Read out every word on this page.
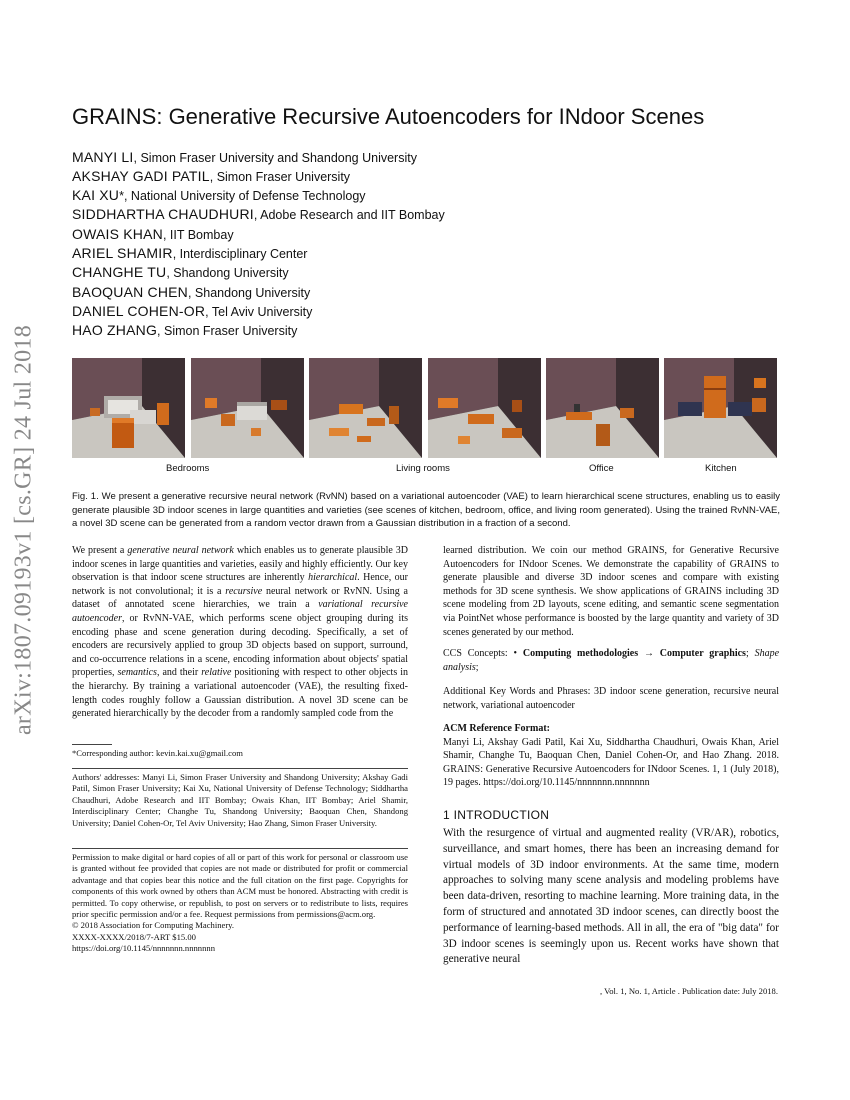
arXiv:1807.09193v1 [cs.GR] 24 Jul 2018
GRAINS: Generative Recursive Autoencoders for INdoor Scenes
MANYI LI, Simon Fraser University and Shandong University
AKSHAY GADI PATIL, Simon Fraser University
KAI XU*, National University of Defense Technology
SIDDHARTHA CHAUDHURI, Adobe Research and IIT Bombay
OWAIS KHAN, IIT Bombay
ARIEL SHAMIR, Interdisciplinary Center
CHANGHE TU, Shandong University
BAOQUAN CHEN, Shandong University
DANIEL COHEN-OR, Tel Aviv University
HAO ZHANG, Simon Fraser University
Bedrooms	Living rooms	Office	Kitchen
Fig. 1. We present a generative recursive neural network (RvNN) based on a variational autoencoder (VAE) to learn hierarchical scene structures, enabling us to easily generate plausible 3D indoor scenes in large quantities and varieties (see scenes of kitchen, bedroom, office, and living room generated). Using the trained RvNN-VAE, a novel 3D scene can be generated from a random vector drawn from a Gaussian distribution in a fraction of a second.
We present a generative neural network which enables us to generate plausible 3D indoor scenes in large quantities and varieties, easily and highly efficiently. Our key observation is that indoor scene structures are inherently hierarchical. Hence, our network is not convolutional; it is a recursive neural network or RvNN. Using a dataset of annotated scene hierarchies, we train a variational recursive autoencoder, or RvNN-VAE, which performs scene object grouping during its encoding phase and scene generation during decoding. Specifically, a set of encoders are recursively applied to group 3D objects based on support, surround, and co-occurrence relations in a scene, encoding information about objects' spatial properties, semantics, and their relative positioning with respect to other objects in the hierarchy. By training a variational autoencoder (VAE), the resulting fixed-length codes roughly follow a Gaussian distribution. A novel 3D scene can be generated hierarchically by the decoder from a randomly sampled code from the
*Corresponding author: kevin.kai.xu@gmail.com
Authors' addresses: Manyi Li, Simon Fraser University and Shandong University; Akshay Gadi Patil, Simon Fraser University; Kai Xu, National University of Defense Technology; Siddhartha Chaudhuri, Adobe Research and IIT Bombay; Owais Khan, IIT Bombay; Ariel Shamir, Interdisciplinary Center; Changhe Tu, Shandong University; Baoquan Chen, Shandong University; Daniel Cohen-Or, Tel Aviv University; Hao Zhang, Simon Fraser University.

Permission to make digital or hard copies of all or part of this work for personal or classroom use is granted without fee provided that copies are not made or distributed for profit or commercial advantage and that copies bear this notice and the full citation on the first page. Copyrights for components of this work owned by others than ACM must be honored. Abstracting with credit is permitted. To copy otherwise, or republish, to post on servers or to redistribute to lists, requires prior specific permission and/or a fee. Request permissions from permissions@acm.org.

© 2018 Association for Computing Machinery.

XXXX-XXXX/2018/7-ART $15.00

https://doi.org/10.1145/nnnnnnn.nnnnnnn

learned distribution. We coin our method GRAINS, for Generative Recursive Autoencoders for INdoor Scenes. We demonstrate the capability of GRAINS to generate plausible and diverse 3D indoor scenes and compare with existing methods for 3D scene synthesis. We show applications of GRAINS including 3D scene modeling from 2D layouts, scene editing, and semantic scene segmentation via PointNet whose performance is boosted by the large quantity and variety of 3D scenes generated by our method.
CCS Concepts: • Computing methodologies → Computer graphics; Shape analysis;
Additional Key Words and Phrases: 3D indoor scene generation, recursive neural network, variational autoencoder

ACM Reference Format:

Manyi Li, Akshay Gadi Patil, Kai Xu, Siddhartha Chaudhuri, Owais Khan, Ariel Shamir, Changhe Tu, Baoquan Chen, Daniel Cohen-Or, and Hao Zhang. 2018. GRAINS: Generative Recursive Autoencoders for INdoor Scenes. 1, 1 (July 2018), 19 pages. https://doi.org/10.1145/nnnnnnn.nnnnnnn

1 INTRODUCTION
With the resurgence of virtual and augmented reality (VR/AR), robotics, surveillance, and smart homes, there has been an increasing demand for virtual models of 3D indoor environments. At the same time, modern approaches to solving many scene analysis and modeling problems have been data-driven, resorting to machine learning. More training data, in the form of structured and annotated 3D indoor scenes, can directly boost the performance of learning-based methods. All in all, the era of "big data" for 3D indoor scenes is seemingly upon us. Recent works have shown that generative neural
, Vol. 1, No. 1, Article . Publication date: July 2018.
